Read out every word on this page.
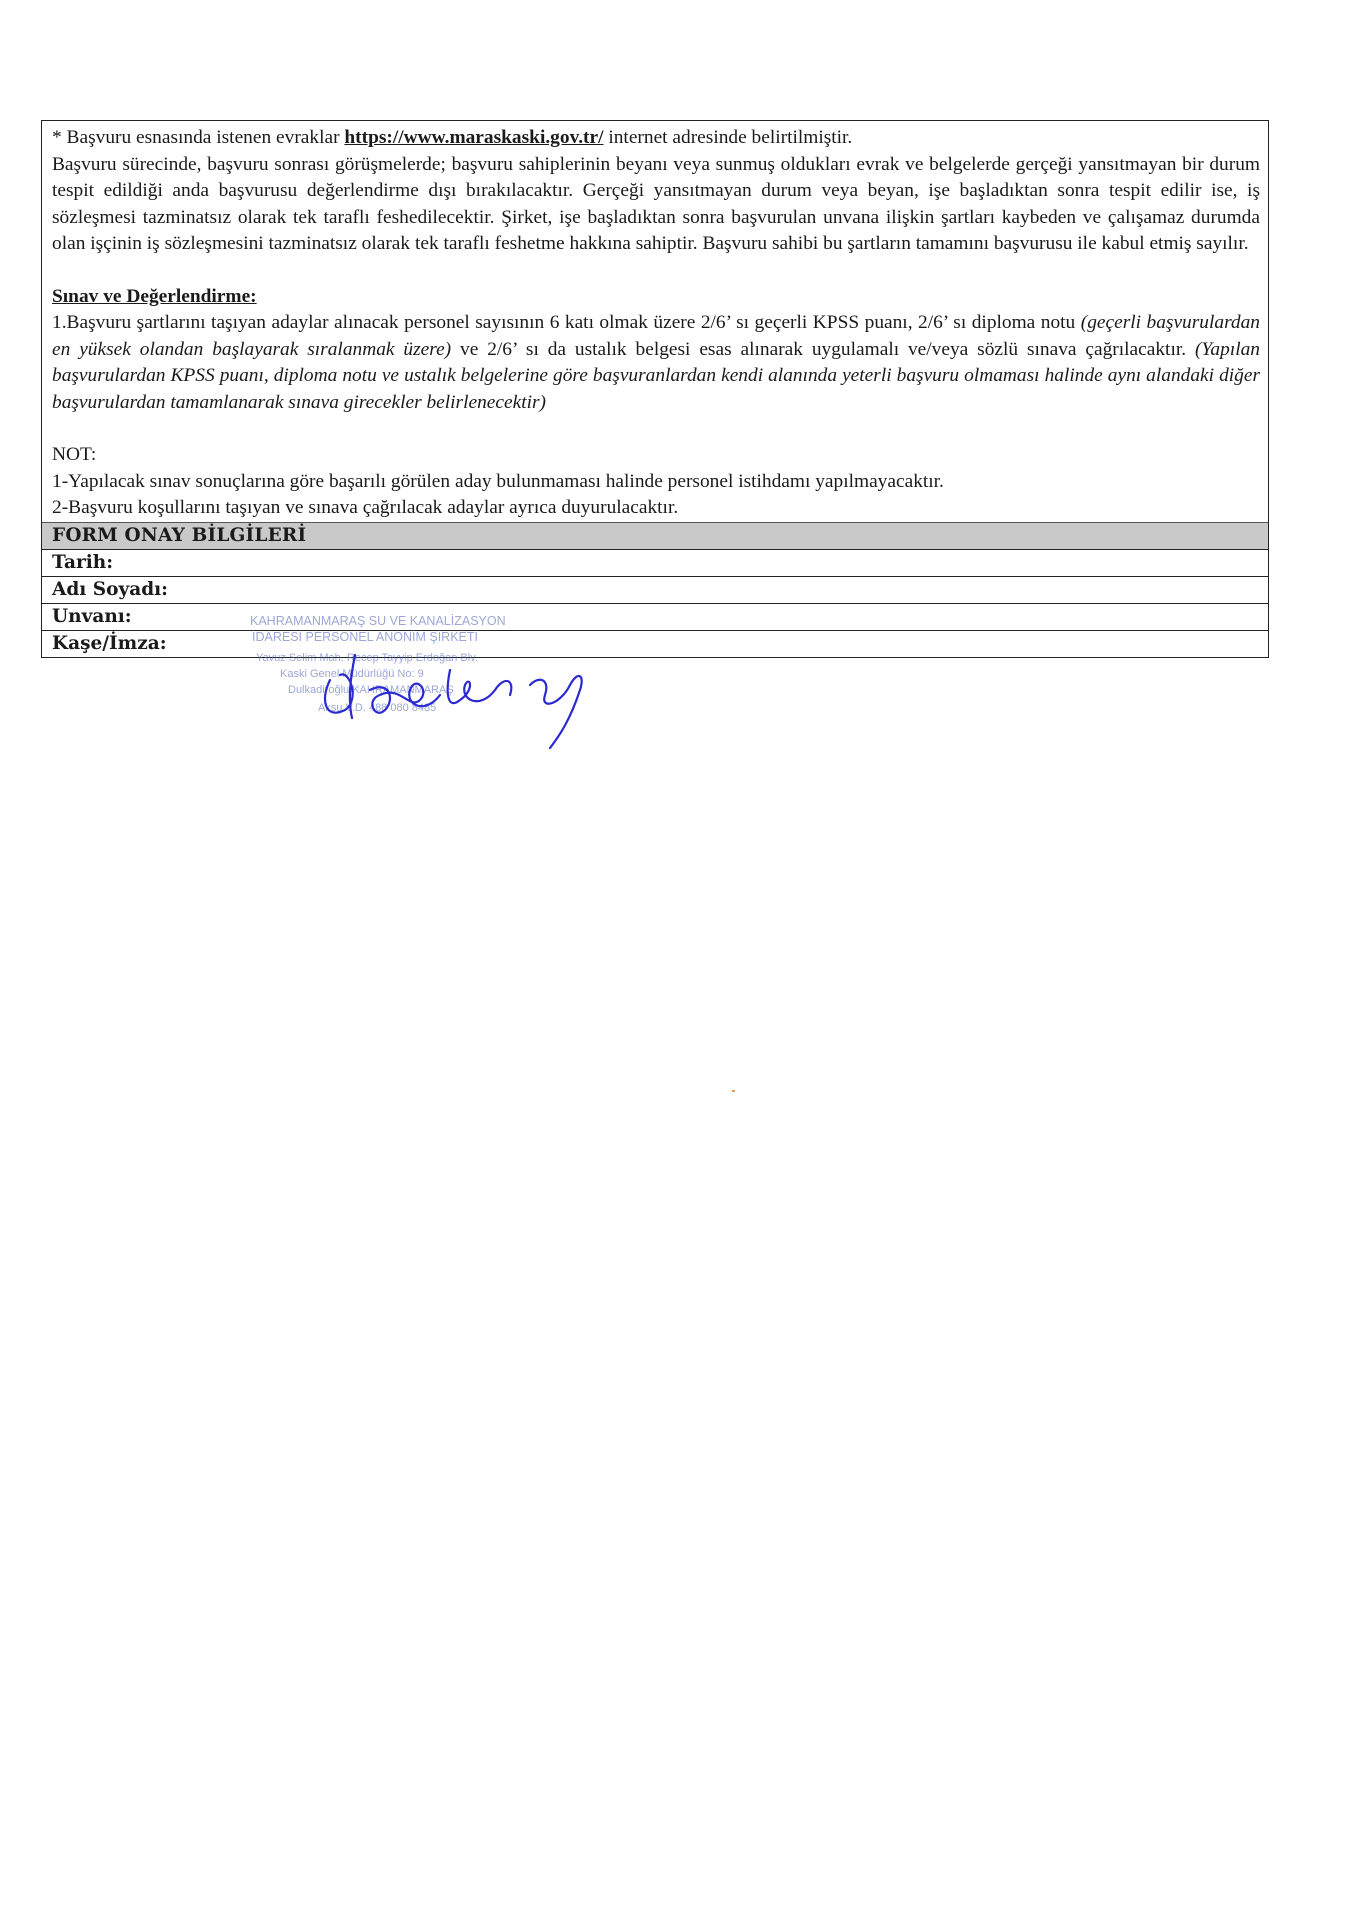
* Başvuru esnasında istenen evraklar https://www.maraskaski.gov.tr/ internet adresinde belirtilmiştir.

Başvuru sürecinde, başvuru sonrası görüşmelerde; başvuru sahiplerinin beyanı veya sunmuş oldukları evrak ve belgelerde gerçeği yansıtmayan bir durum tespit edildiği anda başvurusu değerlendirme dışı bırakılacaktır. Gerçeği yansıtmayan durum veya beyan, işe başladıktan sonra tespit edilir ise, iş sözleşmesi tazminatsız olarak tek taraflı feshedilecektir. Şirket, işe başladıktan sonra başvurulan unvana ilişkin şartları kaybeden ve çalışamaz durumda olan işçinin iş sözleşmesini tazminatsız olarak tek taraflı feshetme hakkına sahiptir. Başvuru sahibi bu şartların tamamını başvurusu ile kabul etmiş sayılır.

Sınav ve Değerlendirme:

1.Başvuru şartlarını taşıyan adaylar alınacak personel sayısının 6 katı olmak üzere 2/6’ sı geçerli KPSS puanı, 2/6’ sı diploma notu (geçerli başvurulardan en yüksek olandan başlayarak sıralanmak üzere) ve 2/6’ sı da ustalık belgesi esas alınarak uygulamalı ve/veya sözlü sınava çağrılacaktır. (Yapılan başvurulardan KPSS puanı, diploma notu ve ustalık belgelerine göre başvuranlardan kendi alanında yeterli başvuru olmaması halinde aynı alandaki diğer başvurulardan tamamlanarak sınava girecekler belirlenecektir)

NOT:

1-Yapılacak sınav sonuçlarına göre başarılı görülen aday bulunmaması halinde personel istihdamı yapılmayacaktır.

2-Başvuru koşullarını taşıyan ve sınava çağrılacak adaylar ayrıca duyurulacaktır.

FORM ONAY BİLGİLERİ
Tarih:
Adı Soyadı:
Unvanı:
Kaşe/İmza:
KAHRAMANMARAŞ SU VE KANALİZASYON
İDARESİ PERSONEL ANONİM ŞİRKETİ
Yavuz Selim Mah. Recep Tayyip Erdoğan Blv.
Kaski Genel Müdürlüğü No: 9
Dulkadiroğlu/KAHRAMANMARAŞ
Aksu V.D. 488 080 8485
